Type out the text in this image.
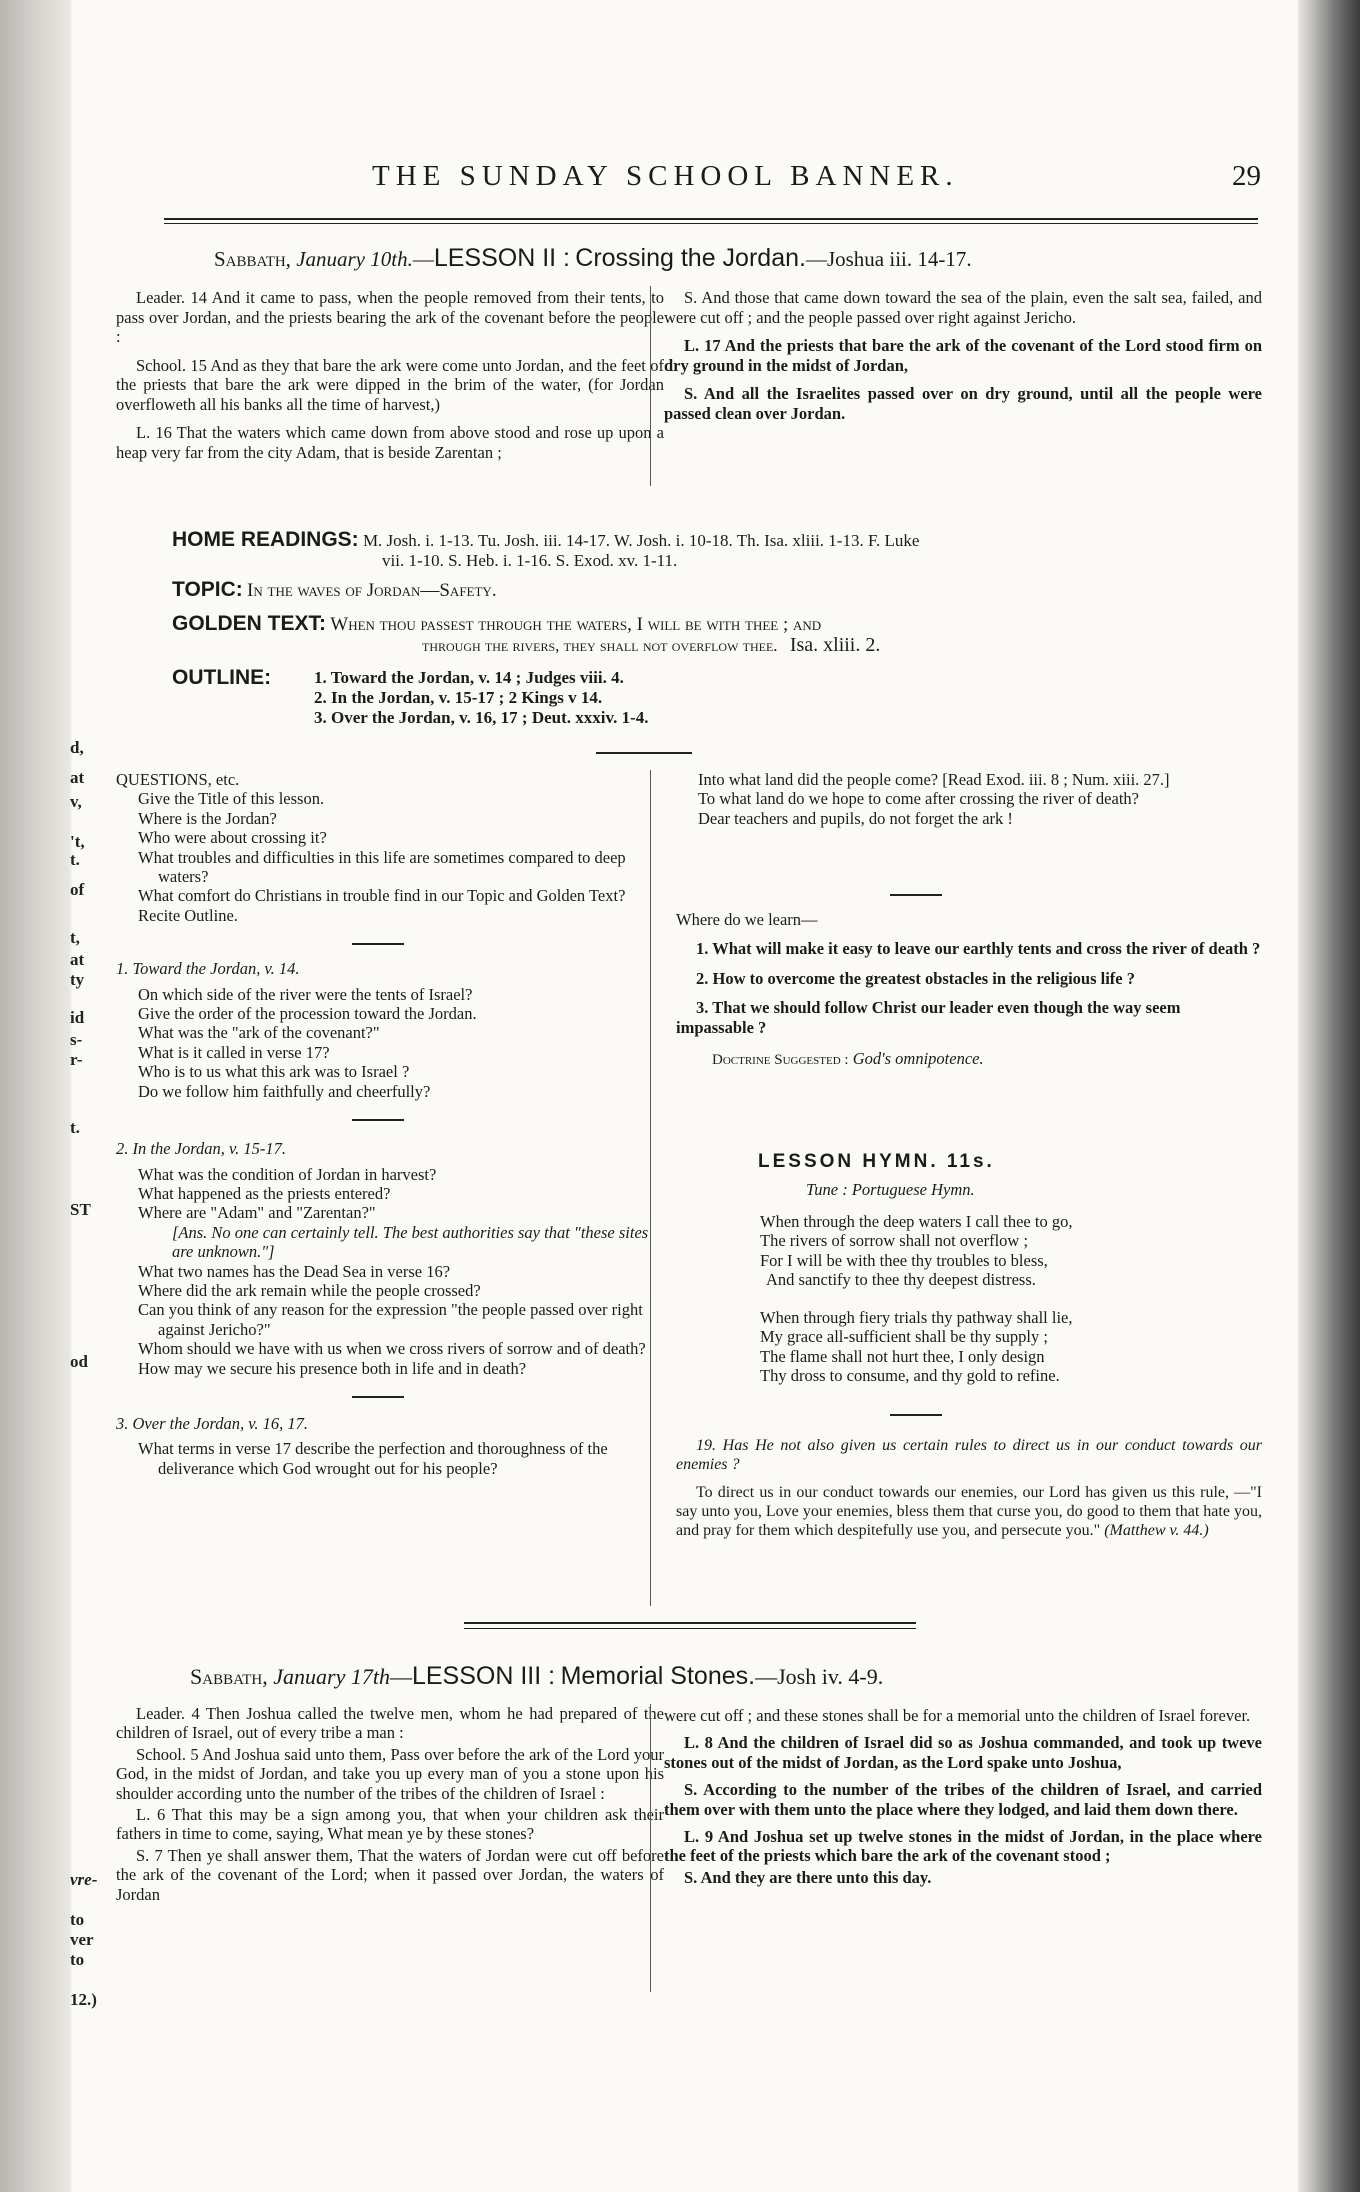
d,
at
v,
't,
t.
of
t,
at
ty
id
s-
r-
t.
ST
od
vre-
to
ver
to
12.)
THE SUNDAY SCHOOL BANNER.	29
Sabbath, January 10th.—LESSON II : Crossing the Jordan.—Joshua iii. 14-17.

Leader. 14 And it came to pass, when the people removed from their tents, to pass over Jordan, and the priests bearing the ark of the covenant before the people :

School. 15 And as they that bare the ark were come unto Jordan, and the feet of the priests that bare the ark were dipped in the brim of the water, (for Jordan overfloweth all his banks all the time of harvest,)

L. 16 That the waters which came down from above stood and rose up upon a heap very far from the city Adam, that is beside Zarentan ;

S. And those that came down toward the sea of the plain, even the salt sea, failed, and were cut off ; and the people passed over right against Jericho.

L. 17 And the priests that bare the ark of the covenant of the Lord stood firm on dry ground in the midst of Jordan,

S. And all the Israelites passed over on dry ground, until all the people were passed clean over Jordan.

HOME READINGS: M. Josh. i. 1-13. Tu. Josh. iii. 14-17. W. Josh. i. 10-18. Th. Isa. xliii. 1-13. F. Luke
vii. 1-10. S. Heb. i. 1-16. S. Exod. xv. 1-11.
TOPIC: In the waves of Jordan—Safety.
GOLDEN TEXT: When thou passest through the waters, I will be with thee ; and
through the rivers, they shall not overflow thee. Isa. xliii. 2.
OUTLINE:	1. Toward the Jordan, v. 14 ; Judges viii. 4.
2. In the Jordan, v. 15-17 ; 2 Kings v 14.
3. Over the Jordan, v. 16, 17 ; Deut. xxxiv. 1-4.
QUESTIONS, etc.
Give the Title of this lesson.
Where is the Jordan?
Who were about crossing it?
What troubles and difficulties in this life are sometimes compared to deep waters?
What comfort do Christians in trouble find in our Topic and Golden Text?
Recite Outline.
1. Toward the Jordan, v. 14.
On which side of the river were the tents of Israel?
Give the order of the procession toward the Jordan.
What was the "ark of the covenant?"
What is it called in verse 17?
Who is to us what this ark was to Israel ?
Do we follow him faithfully and cheerfully?
2. In the Jordan, v. 15-17.
What was the condition of Jordan in harvest?
What happened as the priests entered?
Where are "Adam" and "Zarentan?"
[Ans. No one can certainly tell. The best authorities say that "these sites are unknown."]
What two names has the Dead Sea in verse 16?
Where did the ark remain while the people crossed?
Can you think of any reason for the expression "the people passed over right against Jericho?"
Whom should we have with us when we cross rivers of sorrow and of death?
How may we secure his presence both in life and in death?
3. Over the Jordan, v. 16, 17.
What terms in verse 17 describe the perfection and thoroughness of the deliverance which God wrought out for his people?
Into what land did the people come? [Read Exod. iii. 8 ; Num. xiii. 27.]
To what land do we hope to come after crossing the river of death?
Dear teachers and pupils, do not forget the ark !
Where do we learn—
1. What will make it easy to leave our earthly tents and cross the river of death ?
2. How to overcome the greatest obstacles in the religious life ?
3. That we should follow Christ our leader even though the way seem impassable ?
Doctrine Suggested : God's omnipotence.
LESSON HYMN. 11s.
Tune : Portuguese Hymn.
When through the deep waters I call thee to go,
The rivers of sorrow shall not overflow ;
For I will be with thee thy troubles to bless,
And sanctify to thee thy deepest distress.
When through fiery trials thy pathway shall lie,
My grace all-sufficient shall be thy supply ;
The flame shall not hurt thee, I only design
Thy dross to consume, and thy gold to refine.

19. Has He not also given us certain rules to direct us in our conduct towards our enemies ?

To direct us in our conduct towards our enemies, our Lord has given us this rule, —"I say unto you, Love your enemies, bless them that curse you, do good to them that hate you, and pray for them which despitefully use you, and persecute you." (Matthew v. 44.)

Sabbath, January 17th—LESSON III : Memorial Stones.—Josh iv. 4-9.

Leader. 4 Then Joshua called the twelve men, whom he had prepared of the children of Israel, out of every tribe a man :

School. 5 And Joshua said unto them, Pass over before the ark of the Lord your God, in the midst of Jordan, and take you up every man of you a stone upon his shoulder according unto the number of the tribes of the children of Israel :

L. 6 That this may be a sign among you, that when your children ask their fathers in time to come, saying, What mean ye by these stones?

S. 7 Then ye shall answer them, That the waters of Jordan were cut off before the ark of the covenant of the Lord; when it passed over Jordan, the waters of Jordan

were cut off ; and these stones shall be for a memorial unto the children of Israel forever.

L. 8 And the children of Israel did so as Joshua commanded, and took up tweve stones out of the midst of Jordan, as the Lord spake unto Joshua,

S. According to the number of the tribes of the children of Israel, and carried them over with them unto the place where they lodged, and laid them down there.

L. 9 And Joshua set up twelve stones in the midst of Jordan, in the place where the feet of the priests which bare the ark of the covenant stood ;

S. And they are there unto this day.
